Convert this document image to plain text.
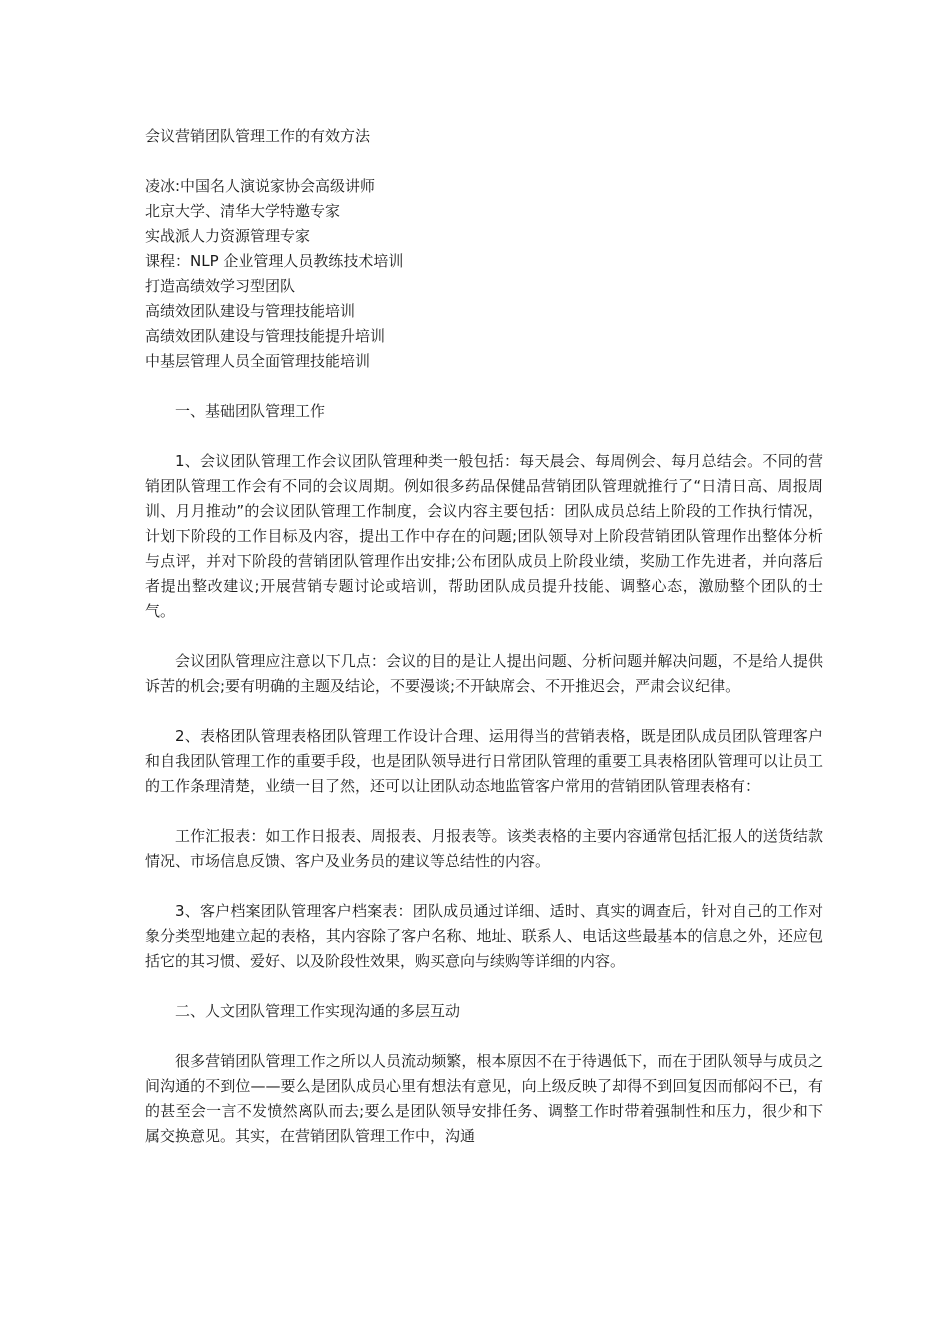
会议营销团队管理工作的有效方法

凌冰:中国名人演说家协会高级讲师
北京大学、清华大学特邀专家
实战派人力资源管理专家
课程：NLP 企业管理人员教练技术培训
打造高绩效学习型团队
高绩效团队建设与管理技能培训
高绩效团队建设与管理技能提升培训
中基层管理人员全面管理技能培训

一、基础团队管理工作

1、会议团队管理工作会议团队管理种类一般包括：每天晨会、每周例会、每月总结会。不同的营销团队管理工作会有不同的会议周期。例如很多药品保健品营销团队管理就推行了“日清日高、周报周训、月月推动”的会议团队管理工作制度，会议内容主要包括：团队成员总结上阶段的工作执行情况，计划下阶段的工作目标及内容，提出工作中存在的问题;团队领导对上阶段营销团队管理作出整体分析与点评，并对下阶段的营销团队管理作出安排;公布团队成员上阶段业绩，奖励工作先进者，并向落后者提出整改建议;开展营销专题讨论或培训，帮助团队成员提升技能、调整心态，激励整个团队的士气。

会议团队管理应注意以下几点：会议的目的是让人提出问题、分析问题并解决问题，不是给人提供诉苦的机会;要有明确的主题及结论，不要漫谈;不开缺席会、不开推迟会，严肃会议纪律。

2、表格团队管理表格团队管理工作设计合理、运用得当的营销表格，既是团队成员团队管理客户和自我团队管理工作的重要手段，也是团队领导进行日常团队管理的重要工具表格团队管理可以让员工的工作条理清楚，业绩一目了然，还可以让团队动态地监管客户常用的营销团队管理表格有：

工作汇报表：如工作日报表、周报表、月报表等。该类表格的主要内容通常包括汇报人的送货结款情况、市场信息反馈、客户及业务员的建议等总结性的内容。

3、客户档案团队管理客户档案表：团队成员通过详细、适时、真实的调查后，针对自己的工作对象分类型地建立起的表格，其内容除了客户名称、地址、联系人、电话这些最基本的信息之外，还应包括它的其习惯、爱好、以及阶段性效果，购买意向与续购等详细的内容。

二、人文团队管理工作实现沟通的多层互动

很多营销团队管理工作之所以人员流动频繁，根本原因不在于待遇低下，而在于团队领导与成员之间沟通的不到位——要么是团队成员心里有想法有意见，向上级反映了却得不到回复因而郁闷不已，有的甚至会一言不发愤然离队而去;要么是团队领导安排任务、调整工作时带着强制性和压力，很少和下属交换意见。其实，在营销团队管理工作中，沟通
